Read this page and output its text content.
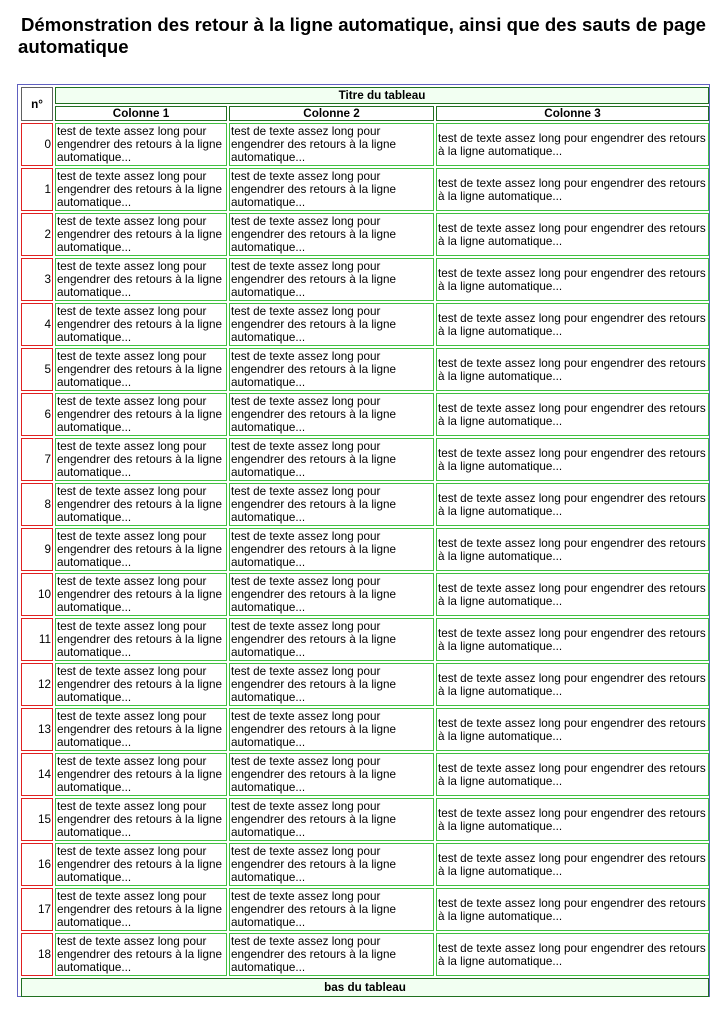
Démonstration des retour à la ligne automatique, ainsi que des sauts de page automatique
n°	Titre du tableau		
	Colonne 1	Colonne 2	Colonne 3
0	test de texte assez long pour engendrer des retours à la ligne automatique...	test de texte assez long pour engendrer des retours à la ligne automatique...	test de texte assez long pour engendrer des retours à la ligne automatique...
1	test de texte assez long pour engendrer des retours à la ligne automatique...	test de texte assez long pour engendrer des retours à la ligne automatique...	test de texte assez long pour engendrer des retours à la ligne automatique...
2	test de texte assez long pour engendrer des retours à la ligne automatique...	test de texte assez long pour engendrer des retours à la ligne automatique...	test de texte assez long pour engendrer des retours à la ligne automatique...
3	test de texte assez long pour engendrer des retours à la ligne automatique...	test de texte assez long pour engendrer des retours à la ligne automatique...	test de texte assez long pour engendrer des retours à la ligne automatique...
4	test de texte assez long pour engendrer des retours à la ligne automatique...	test de texte assez long pour engendrer des retours à la ligne automatique...	test de texte assez long pour engendrer des retours à la ligne automatique...
5	test de texte assez long pour engendrer des retours à la ligne automatique...	test de texte assez long pour engendrer des retours à la ligne automatique...	test de texte assez long pour engendrer des retours à la ligne automatique...
6	test de texte assez long pour engendrer des retours à la ligne automatique...	test de texte assez long pour engendrer des retours à la ligne automatique...	test de texte assez long pour engendrer des retours à la ligne automatique...
7	test de texte assez long pour engendrer des retours à la ligne automatique...	test de texte assez long pour engendrer des retours à la ligne automatique...	test de texte assez long pour engendrer des retours à la ligne automatique...
8	test de texte assez long pour engendrer des retours à la ligne automatique...	test de texte assez long pour engendrer des retours à la ligne automatique...	test de texte assez long pour engendrer des retours à la ligne automatique...
9	test de texte assez long pour engendrer des retours à la ligne automatique...	test de texte assez long pour engendrer des retours à la ligne automatique...	test de texte assez long pour engendrer des retours à la ligne automatique...
10	test de texte assez long pour engendrer des retours à la ligne automatique...	test de texte assez long pour engendrer des retours à la ligne automatique...	test de texte assez long pour engendrer des retours à la ligne automatique...
11	test de texte assez long pour engendrer des retours à la ligne automatique...	test de texte assez long pour engendrer des retours à la ligne automatique...	test de texte assez long pour engendrer des retours à la ligne automatique...
12	test de texte assez long pour engendrer des retours à la ligne automatique...	test de texte assez long pour engendrer des retours à la ligne automatique...	test de texte assez long pour engendrer des retours à la ligne automatique...
13	test de texte assez long pour engendrer des retours à la ligne automatique...	test de texte assez long pour engendrer des retours à la ligne automatique...	test de texte assez long pour engendrer des retours à la ligne automatique...
14	test de texte assez long pour engendrer des retours à la ligne automatique...	test de texte assez long pour engendrer des retours à la ligne automatique...	test de texte assez long pour engendrer des retours à la ligne automatique...
15	test de texte assez long pour engendrer des retours à la ligne automatique...	test de texte assez long pour engendrer des retours à la ligne automatique...	test de texte assez long pour engendrer des retours à la ligne automatique...
16	test de texte assez long pour engendrer des retours à la ligne automatique...	test de texte assez long pour engendrer des retours à la ligne automatique...	test de texte assez long pour engendrer des retours à la ligne automatique...
17	test de texte assez long pour engendrer des retours à la ligne automatique...	test de texte assez long pour engendrer des retours à la ligne automatique...	test de texte assez long pour engendrer des retours à la ligne automatique...
18	test de texte assez long pour engendrer des retours à la ligne automatique...	test de texte assez long pour engendrer des retours à la ligne automatique...	test de texte assez long pour engendrer des retours à la ligne automatique...
bas du tableau			
